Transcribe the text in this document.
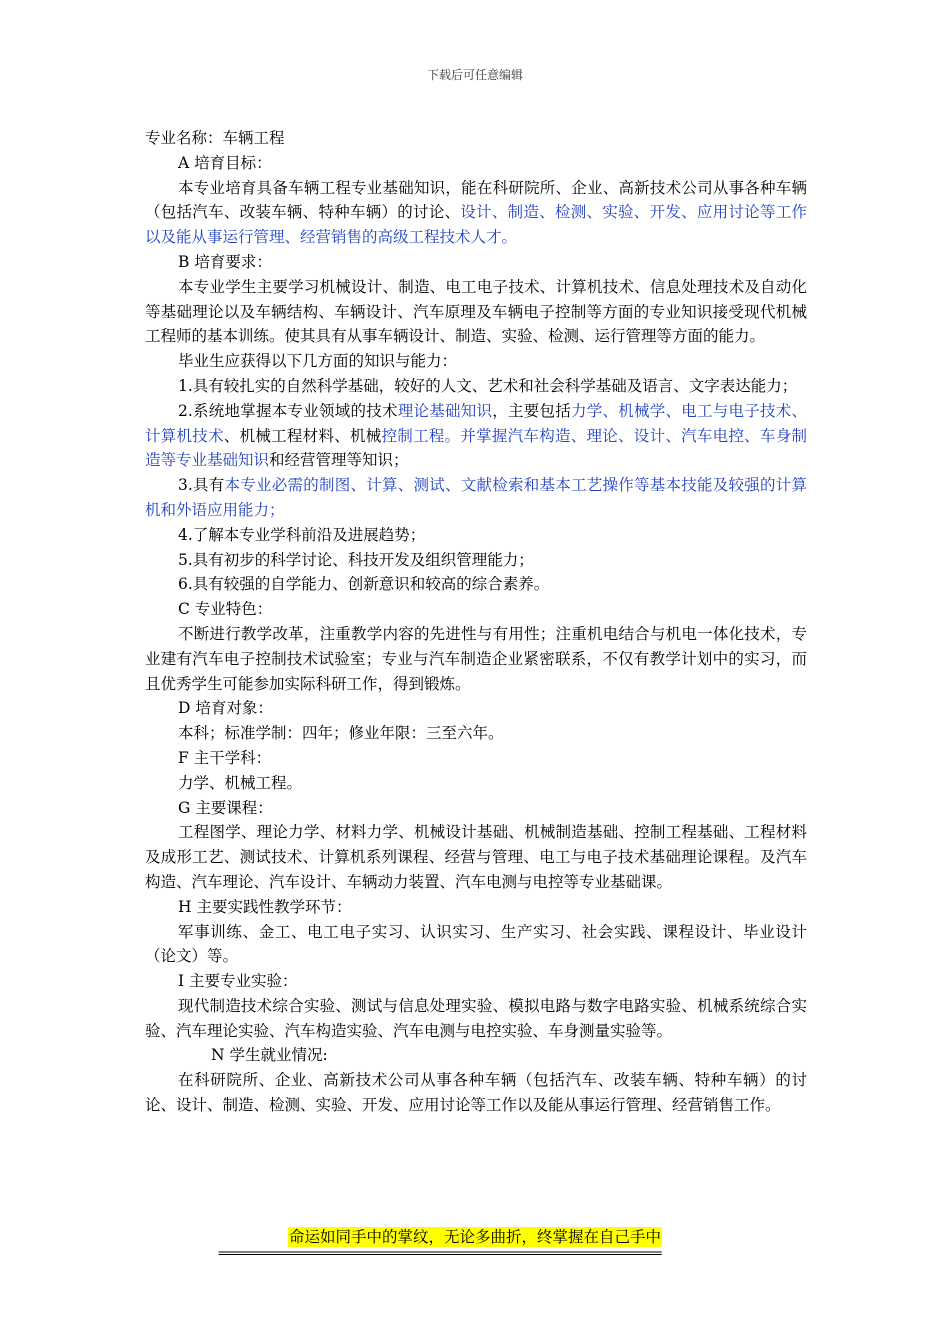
下载后可任意编辑

专业名称：车辆工程

A 培育目标：

本专业培育具备车辆工程专业基础知识，能在科研院所、企业、高新技术公司从事各种车辆（包括汽车、改装车辆、特种车辆）的讨论、设计、制造、检测、实验、开发、应用讨论等工作以及能从事运行管理、经营销售的高级工程技术人才。

B 培育要求：

本专业学生主要学习机械设计、制造、电工电子技术、计算机技术、信息处理技术及自动化等基础理论以及车辆结构、车辆设计、汽车原理及车辆电子控制等方面的专业知识接受现代机械工程师的基本训练。使其具有从事车辆设计、制造、实验、检测、运行管理等方面的能力。

毕业生应获得以下几方面的知识与能力：

1.具有较扎实的自然科学基础，较好的人文、艺术和社会科学基础及语言、文字表达能力；

2.系统地掌握本专业领域的技术理论基础知识，主要包括力学、机械学、电工与电子技术、计算机技术、机械工程材料、机械控制工程。并掌握汽车构造、理论、设计、汽车电控、车身制造等专业基础知识和经营管理等知识；

3.具有本专业必需的制图、计算、测试、文献检索和基本工艺操作等基本技能及较强的计算机和外语应用能力；

4.了解本专业学科前沿及进展趋势；

5.具有初步的科学讨论、科技开发及组织管理能力；

6.具有较强的自学能力、创新意识和较高的综合素养。

C 专业特色：

不断进行教学改革，注重教学内容的先进性与有用性；注重机电结合与机电一体化技术，专业建有汽车电子控制技术试验室；专业与汽车制造企业紧密联系，不仅有教学计划中的实习，而且优秀学生可能参加实际科研工作，得到锻炼。

D 培育对象：

本科；标准学制：四年；修业年限：三至六年。

F 主干学科：

力学、机械工程。

G 主要课程：

工程图学、理论力学、材料力学、机械设计基础、机械制造基础、控制工程基础、工程材料及成形工艺、测试技术、计算机系列课程、经营与管理、电工与电子技术基础理论课程。及汽车构造、汽车理论、汽车设计、车辆动力装置、汽车电测与电控等专业基础课。

H 主要实践性教学环节：

军事训练、金工、电工电子实习、认识实习、生产实习、社会实践、课程设计、毕业设计（论文）等。

I 主要专业实验：

现代制造技术综合实验、测试与信息处理实验、模拟电路与数字电路实验、机械系统综合实验、汽车理论实验、汽车构造实验、汽车电测与电控实验、车身测量实验等。

N 学生就业情况:

在科研院所、企业、高新技术公司从事各种车辆（包括汽车、改装车辆、特种车辆）的讨论、设计、制造、检测、实验、开发、应用讨论等工作以及能从事运行管理、经营销售工作。

命运如同手中的掌纹，无论多曲折，终掌握在自己手中
==============================================================================
